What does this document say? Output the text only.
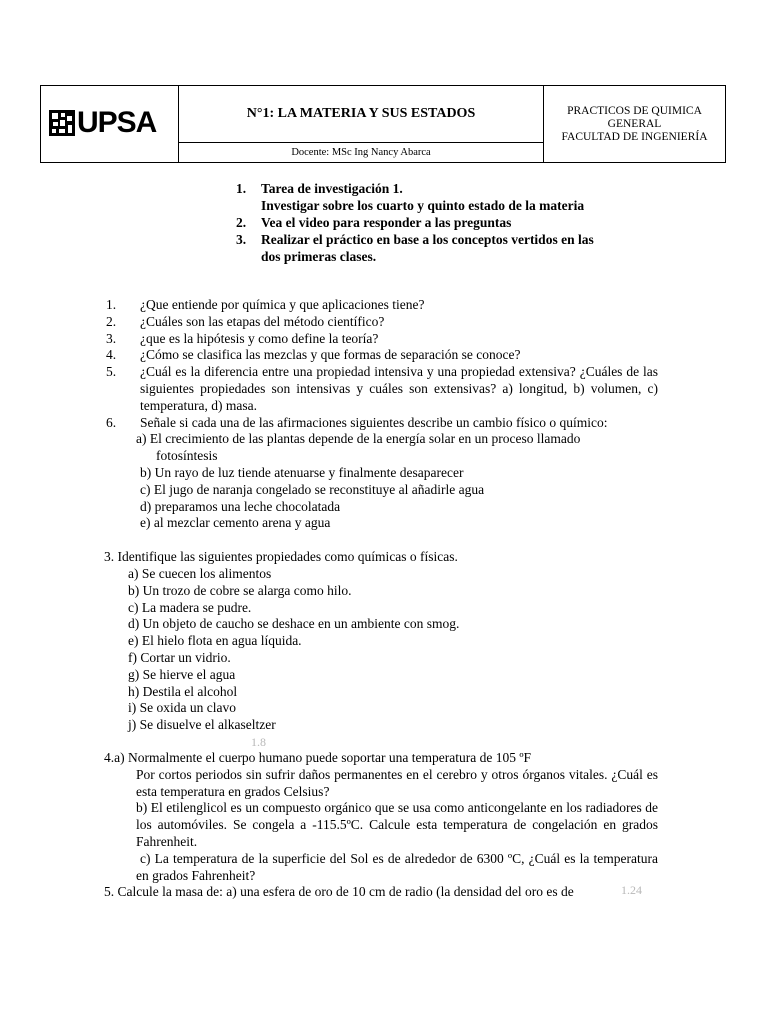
UPSA	N°1: LA MATERIA Y SUS ESTADOS
Docente: MSc Ing Nancy Abarca
PRACTICOS DE QUIMICA
GENERAL
FACULTAD DE INGENIERÍA
1. Tarea de investigación 1.
Investigar sobre los cuarto y quinto estado de la materia
2. Vea el video para responder a las preguntas
3. Realizar el práctico en base a los conceptos vertidos en las
dos primeras clases.
1. ¿Que entiende por química y que aplicaciones tiene?
2. ¿Cuáles son las etapas del método científico?
3. ¿que es la hipótesis y como define la teoría?
4. ¿Cómo se clasifica las mezclas y que formas de separación se conoce?
5. ¿Cuál es la diferencia entre una propiedad intensiva y una propiedad extensiva? ¿Cuáles de las siguientes propiedades son intensivas y cuáles son extensivas? a) longitud, b) volumen, c) temperatura, d) masa.
6. Señale si cada una de las afirmaciones siguientes describe un cambio físico o químico:
a) El crecimiento de las plantas depende de la energía solar en un proceso llamado
fotosíntesis
b) Un rayo de luz tiende atenuarse y finalmente desaparecer
c) El jugo de naranja congelado se reconstituye al añadirle agua
d) preparamos una leche chocolatada
e) al mezclar cemento arena y agua
3. Identifique las siguientes propiedades como químicas o físicas.
a) Se cuecen los alimentos
b) Un trozo de cobre se alarga como hilo.
c) La madera se pudre.
d) Un objeto de caucho se deshace en un ambiente con smog.
e) El hielo flota en agua líquida.
f) Cortar un vidrio.
g) Se hierve el agua
h) Destila el alcohol
i) Se oxida un clavo
j) Se disuelve el alkaseltzer
1.8
4.a) Normalmente el cuerpo humano puede soportar una temperatura de 105 ºF
Por cortos periodos sin sufrir daños permanentes en el cerebro y otros órganos vitales. ¿Cuál es esta temperatura en grados Celsius?
b) El etilenglicol es un compuesto orgánico que se usa como anticongelante en los radiadores de los automóviles. Se congela a -115.5ºC. Calcule esta temperatura de congelación en grados Fahrenheit.
c) La temperatura de la superficie del Sol es de alrededor de 6300 ºC, ¿Cuál es la temperatura en grados Fahrenheit?
1.24
5. Calcule la masa de: a) una esfera de oro de 10 cm de radio (la densidad del oro es de
